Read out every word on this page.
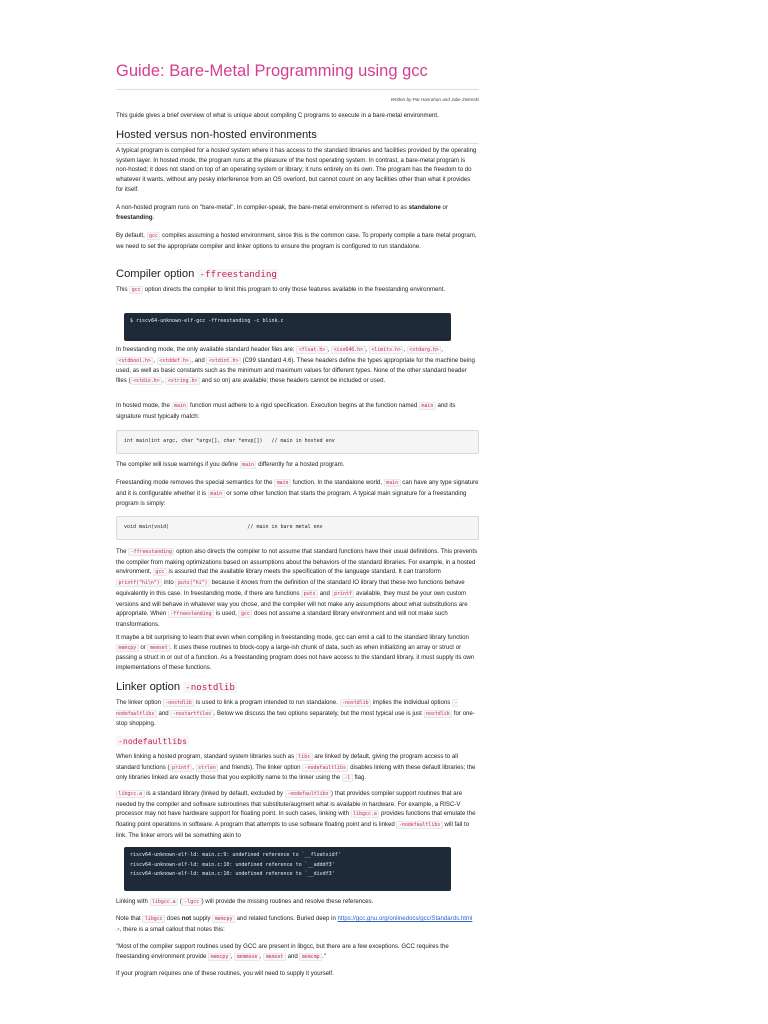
Guide: Bare-Metal Programming using gcc
Written by Pat Hanrahan and Julie Zelenski

This guide gives a brief overview of what is unique about compiling C programs to execute in a bare-metal environment.

Hosted versus non-hosted environments

A typical program is compiled for a hosted system where it has access to the standard libraries and facilities provided by the operating system layer. In hosted mode, the program runs at the pleasure of the host operating system. In contrast, a bare-metal program is non-hosted; it does not stand on top of an operating system or library; it runs entirely on its own. The program has the freedom to do whatever it wants, without any pesky interference from an OS overlord, but cannot count on any facilities other than what it provides for itself.

A non-hosted program runs on "bare-metal". In compiler-speak, the bare-metal environment is referred to as standalone or freestanding.

By default, gcc compiles assuming a hosted environment, since this is the common case. To properly compile a bare metal program, we need to set the appropriate compiler and linker options to ensure the program is configured to run standalone.

Compiler option -ffreestanding

This gcc option directs the compiler to limit this program to only those features available in the freestanding environment.

$ riscv64-unknown-elf-gcc -ffreestanding -c blink.c

In freestanding mode, the only available standard header files are: <float.h> , <iso646.h> , <limits.h> , <stdarg.h> , <stdbool.h> , <stddef.h> , and <stdint.h> (C99 standard 4.6). These headers define the types appropriate for the machine being used, as well as basic constants such as the minimum and maximum values for different types. None of the other standard header files ( <stdio.h> , <string.h> and so on) are available; these headers cannot be included or used.

In hosted mode, the main function must adhere to a rigid specification. Execution begins at the function named main and its signature must typically match:

int main(int argc, char *argv[], char *envp[])   // main in hosted env

The compiler will issue warnings if you define main differently for a hosted program.

Freestanding mode removes the special semantics for the main function. In the standalone world, main can have any type signature and it is configurable whether it is main or some other function that starts the program. A typical main signature for a freestanding program is simply:

void main(void)                          // main in bare metal env

The -ffreestanding option also directs the compiler to not assume that standard functions have their usual definitions. This prevents the compiler from making optimizations based on assumptions about the behaviors of the standard libraries. For example, in a hosted environment, gcc is assured that the available library meets the specification of the language standard. It can transform printf("hi\n") into puts("hi") because it knows from the definition of the standard IO library that these two functions behave equivalently in this case. In freestanding mode, if there are functions puts and printf available, they must be your own custom versions and will behave in whatever way you chose, and the compiler will not make any assumptions about what substitutions are appropriate. When -ffreestanding is used, gcc does not assume a standard library environment and will not make such transformations.

It maybe a bit surprising to learn that even when compiling in freestanding mode, gcc can emit a call to the standard library function memcpy or memset . It uses these routines to block-copy a large-ish chunk of data, such as when initializing an array or struct or passing a struct in or out of a function. As a freestanding program does not have access to the standard library, it must supply its own implementations of these functions.

Linker option -nostdlib

The linker option -nostdlib is used to link a program intended to run standalone. -nostdlib implies the individual options -nodefaultlibs and -nostartfiles . Below we discuss the two options separately, but the most typical use is just nostdlib for one-stop shopping.

-nodefaultlibs

When linking a hosted program, standard system libraries such as libc are linked by default, giving the program access to all standard functions ( printf , strlen and friends). The linker option -nodefaultlibs disables linking with these default libraries; the only libraries linked are exactly those that you explicitly name to the linker using the -l flag.

libgcc.a is a standard library (linked by default, excluded by -nodefaultlibs ) that provides compiler support routines that are needed by the compiler and software subroutines that substitute/augment what is available in hardware. For example, a RISC-V processor may not have hardware support for floating point. In such cases, linking with libgcc.a provides functions that emulate the floating point operations in software. A program that attempts to use software floating point and is linked -nodefaultlibs will fail to link. The linker errors will be something akin to

riscv64-unknown-elf-ld: main.c:9: undefined reference to `__floatsidf'
riscv64-unknown-elf-ld: main.c:10: undefined reference to `__adddf3'
riscv64-unknown-elf-ld: main.c:10: undefined reference to `__divdf3'

Linking with libgcc.a ( -lgcc ) will provide the missing routines and resolve these references.

Note that libgcc does not supply memcpy and related functions. Buried deep in https://gcc.gnu.org/onlinedocs/gcc/Standards.html ↗, there is a small callout that notes this:

"Most of the compiler support routines used by GCC are present in libgcc, but there are a few exceptions. GCC requires the freestanding environment provide memcpy , memmove , memset and memcmp ."

If your program requires one of these routines, you will need to supply it yourself.
